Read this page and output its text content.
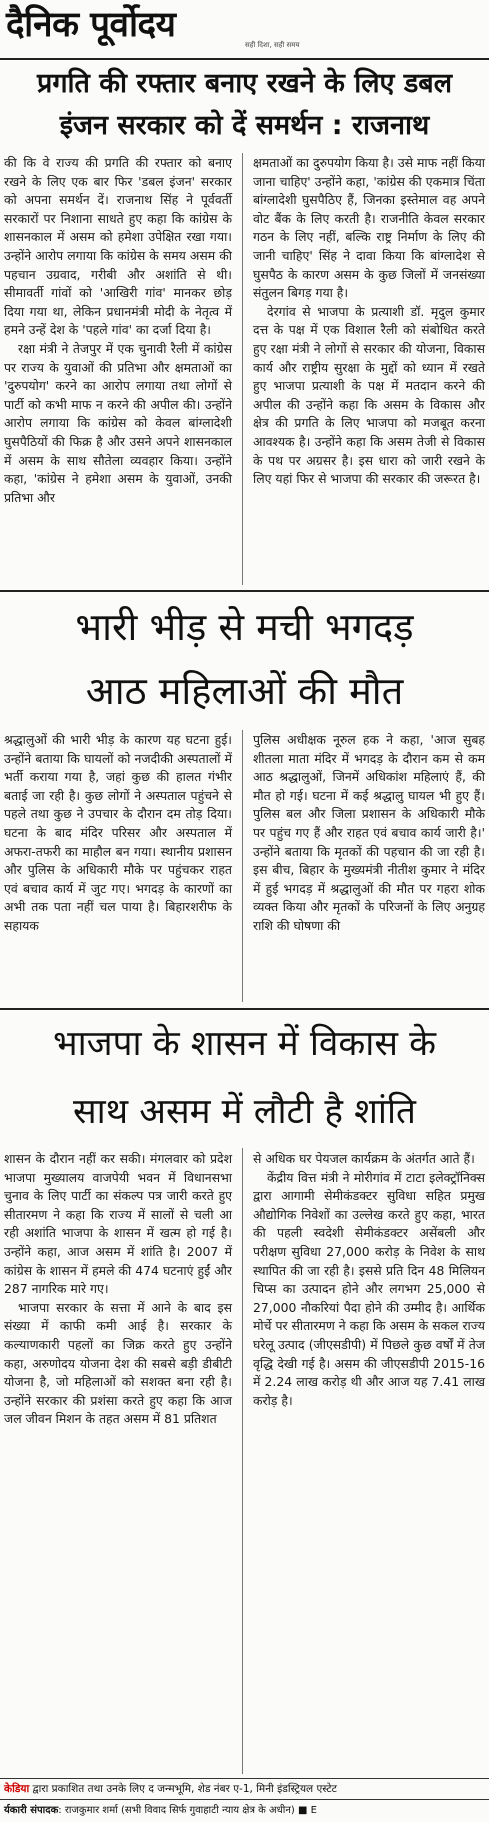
दैनिक पूर्वोदय	सही दिशा, सही समय
प्रगति की रफ्तार बनाए रखने के लिए डबल
इंजन सरकार को दें समर्थन : राजनाथ

की कि वे राज्य की प्रगति की रफ्तार को बनाए रखने के लिए एक बार फिर 'डबल इंजन' सरकार को अपना समर्थन दें। राजनाथ सिंह ने पूर्ववर्ती सरकारों पर निशाना साधते हुए कहा कि कांग्रेस के शासनकाल में असम को हमेशा उपेक्षित रखा गया। उन्होंने आरोप लगाया कि कांग्रेस के समय असम की पहचान उग्रवाद, गरीबी और अशांति से थी। सीमावर्ती गांवों को 'आखिरी गांव' मानकर छोड़ दिया गया था, लेकिन प्रधानमंत्री मोदी के नेतृत्व में हमने उन्हें देश के 'पहले गांव' का दर्जा दिया है।

रक्षा मंत्री ने तेजपुर में एक चुनावी रैली में कांग्रेस पर राज्य के युवाओं की प्रतिभा और क्षमताओं का 'दुरुपयोग' करने का आरोप लगाया तथा लोगों से पार्टी को कभी माफ न करने की अपील की। उन्होंने आरोप लगाया कि कांग्रेस को केवल बांग्लादेशी घुसपैठियों की फिक्र है और उसने अपने शासनकाल में असम के साथ सौतेला व्यवहार किया। उन्होंने कहा, 'कांग्रेस ने हमेशा असम के युवाओं, उनकी प्रतिभा और

क्षमताओं का दुरुपयोग किया है। उसे माफ नहीं किया जाना चाहिए' उन्होंने कहा, 'कांग्रेस की एकमात्र चिंता बांग्लादेशी घुसपैठिए हैं, जिनका इस्तेमाल वह अपने वोट बैंक के लिए करती है। राजनीति केवल सरकार गठन के लिए नहीं, बल्कि राष्ट्र निर्माण के लिए की जानी चाहिए' सिंह ने दावा किया कि बांग्लादेश से घुसपैठ के कारण असम के कुछ जिलों में जनसंख्या संतुलन बिगड़ गया है।

देरगांव से भाजपा के प्रत्याशी डॉ. मृदुल कुमार दत्त के पक्ष में एक विशाल रैली को संबोधित करते हुए रक्षा मंत्री ने लोगों से सरकार की योजना, विकास कार्य और राष्ट्रीय सुरक्षा के मुद्दों को ध्यान में रखते हुए भाजपा प्रत्याशी के पक्ष में मतदान करने की अपील की उन्होंने कहा कि असम के विकास और क्षेत्र की प्रगति के लिए भाजपा को मजबूत करना आवश्यक है। उन्होंने कहा कि असम तेजी से विकास के पथ पर अग्रसर है। इस धारा को जारी रखने के लिए यहां फिर से भाजपा की सरकार की जरूरत है।

भारी भीड़ से मची भगदड़
आठ महिलाओं की मौत

श्रद्धालुओं की भारी भीड़ के कारण यह घटना हुई। उन्होंने बताया कि घायलों को नजदीकी अस्पतालों में भर्ती कराया गया है, जहां कुछ की हालत गंभीर बताई जा रही है। कुछ लोगों ने अस्पताल पहुंचने से पहले तथा कुछ ने उपचार के दौरान दम तोड़ दिया। घटना के बाद मंदिर परिसर और अस्पताल में अफरा-तफरी का माहौल बन गया। स्थानीय प्रशासन और पुलिस के अधिकारी मौके पर पहुंचकर राहत एवं बचाव कार्य में जुट गए। भगदड़ के कारणों का अभी तक पता नहीं चल पाया है। बिहारशरीफ के सहायक

पुलिस अधीक्षक नूरुल हक ने कहा, 'आज सुबह शीतला माता मंदिर में भगदड़ के दौरान कम से कम आठ श्रद्धालुओं, जिनमें अधिकांश महिलाएं हैं, की मौत हो गई। घटना में कई श्रद्धालु घायल भी हुए हैं। पुलिस बल और जिला प्रशासन के अधिकारी मौके पर पहुंच गए हैं और राहत एवं बचाव कार्य जारी है।' उन्होंने बताया कि मृतकों की पहचान की जा रही है। इस बीच, बिहार के मुख्यमंत्री नीतीश कुमार ने मंदिर में हुई भगदड़ में श्रद्धालुओं की मौत पर गहरा शोक व्यक्त किया और मृतकों के परिजनों के लिए अनुग्रह राशि की घोषणा की

भाजपा के शासन में विकास के
साथ असम में लौटी है शांति

शासन के दौरान नहीं कर सकी। मंगलवार को प्रदेश भाजपा मुख्यालय वाजपेयी भवन में विधानसभा चुनाव के लिए पार्टी का संकल्प पत्र जारी करते हुए सीतारमण ने कहा कि राज्य में सालों से चली आ रही अशांति भाजपा के शासन में खत्म हो गई है। उन्होंने कहा, आज असम में शांति है। 2007 में कांग्रेस के शासन में हमले की 474 घटनाएं हुईं और 287 नागरिक मारे गए।

भाजपा सरकार के सत्ता में आने के बाद इस संख्या में काफी कमी आई है। सरकार के कल्याणकारी पहलों का जिक्र करते हुए उन्होंने कहा, अरुणोदय योजना देश की सबसे बड़ी डीबीटी योजना है, जो महिलाओं को सशक्त बना रही है। उन्होंने सरकार की प्रशंसा करते हुए कहा कि आज जल जीवन मिशन के तहत असम में 81 प्रतिशत

से अधिक घर पेयजल कार्यक्रम के अंतर्गत आते हैं।

केंद्रीय वित्त मंत्री ने मोरीगांव में टाटा इलेक्ट्रॉनिक्स द्वारा आगामी सेमीकंडक्टर सुविधा सहित प्रमुख औद्योगिक निवेशों का उल्लेख करते हुए कहा, भारत की पहली स्वदेशी सेमीकंडक्टर असेंबली और परीक्षण सुविधा 27,000 करोड़ के निवेश के साथ स्थापित की जा रही है। इससे प्रति दिन 48 मिलियन चिप्स का उत्पादन होने और लगभग 25,000 से 27,000 नौकरियां पैदा होने की उम्मीद है। आर्थिक मोर्चे पर सीतारमण ने कहा कि असम के सकल राज्य घरेलू उत्पाद (जीएसडीपी) में पिछले कुछ वर्षों में तेज वृद्धि देखी गई है। असम की जीएसडीपी 2015-16 में 2.24 लाख करोड़ थी और आज यह 7.41 लाख करोड़ है।

केडिया द्वारा प्रकाशित तथा उनके लिए द जन्मभूमि, शेड नंबर ए-1, मिनी इंडस्ट्रियल एस्टेट
र्यकारी संपादक: राजकुमार शर्मा (सभी विवाद सिर्फ गुवाहाटी न्याय क्षेत्र के अधीन) ■ E
